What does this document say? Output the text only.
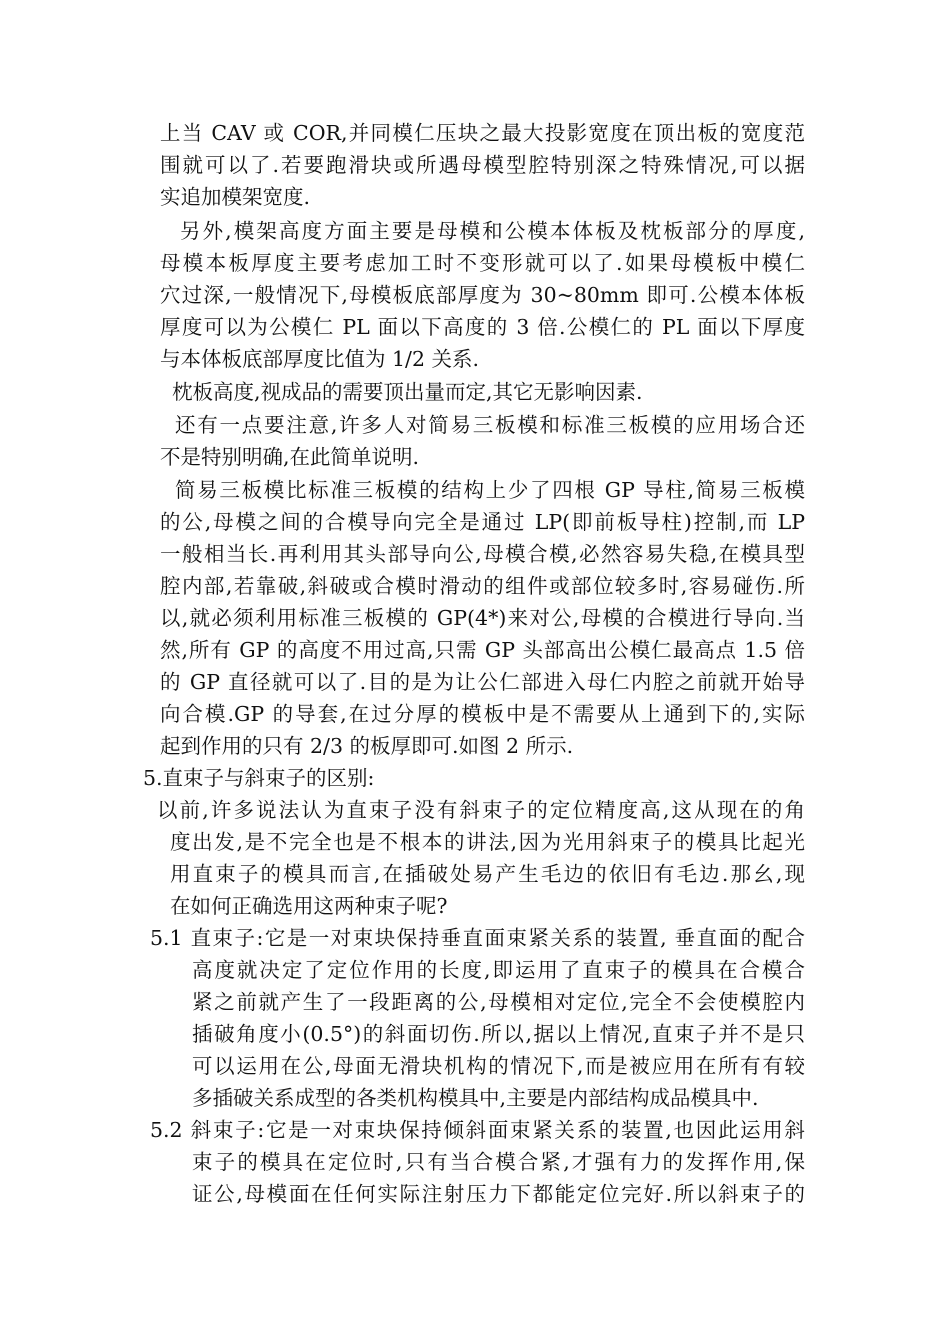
上当 CAV 或 COR,并同模仁压块之最大投影宽度在顶出板的宽度范
围就可以了.若要跑滑块或所遇母模型腔特别深之特殊情况,可以据
实追加模架宽度.
另外,模架高度方面主要是母模和公模本体板及枕板部分的厚度,
母模本板厚度主要考虑加工时不变形就可以了.如果母模板中模仁
穴过深,一般情况下,母模板底部厚度为 30~80mm 即可.公模本体板
厚度可以为公模仁 PL 面以下高度的 3 倍.公模仁的 PL 面以下厚度
与本体板底部厚度比值为 1/2 关系.
枕板高度,视成品的需要顶出量而定,其它无影响因素.
还有一点要注意,许多人对简易三板模和标准三板模的应用场合还
不是特别明确,在此简单说明.
简易三板模比标准三板模的结构上少了四根 GP 导柱,简易三板模
的公,母模之间的合模导向完全是通过 LP(即前板导柱)控制,而 LP
一般相当长.再利用其头部导向公,母模合模,必然容易失稳,在模具型
腔内部,若靠破,斜破或合模时滑动的组件或部位较多时,容易碰伤.所
以,就必须利用标准三板模的 GP(4*)来对公,母模的合模进行导向.当
然,所有 GP 的高度不用过高,只需 GP 头部高出公模仁最高点 1.5 倍
的 GP 直径就可以了.目的是为让公仁部进入母仁内腔之前就开始导
向合模.GP 的导套,在过分厚的模板中是不需要从上通到下的,实际
起到作用的只有 2/3 的板厚即可.如图 2 所示.
5.直束子与斜束子的区别:
以前,许多说法认为直束子没有斜束子的定位精度高,这从现在的角
度出发,是不完全也是不根本的讲法,因为光用斜束子的模具比起光
用直束子的模具而言,在插破处易产生毛边的依旧有毛边.那幺,现
在如何正确选用这两种束子呢?
5.1 直束子:它是一对束块保持垂直面束紧关系的装置, 垂直面的配合
高度就决定了定位作用的长度,即运用了直束子的模具在合模合
紧之前就产生了一段距离的公,母模相对定位,完全不会使模腔内
插破角度小(0.5°)的斜面切伤.所以,据以上情况,直束子并不是只
可以运用在公,母面无滑块机构的情况下,而是被应用在所有有较
多插破关系成型的各类机构模具中,主要是内部结构成品模具中.
5.2 斜束子:它是一对束块保持倾斜面束紧关系的装置,也因此运用斜
束子的模具在定位时,只有当合模合紧,才强有力的发挥作用,保
证公,母模面在任何实际注射压力下都能定位完好.所以斜束子的
